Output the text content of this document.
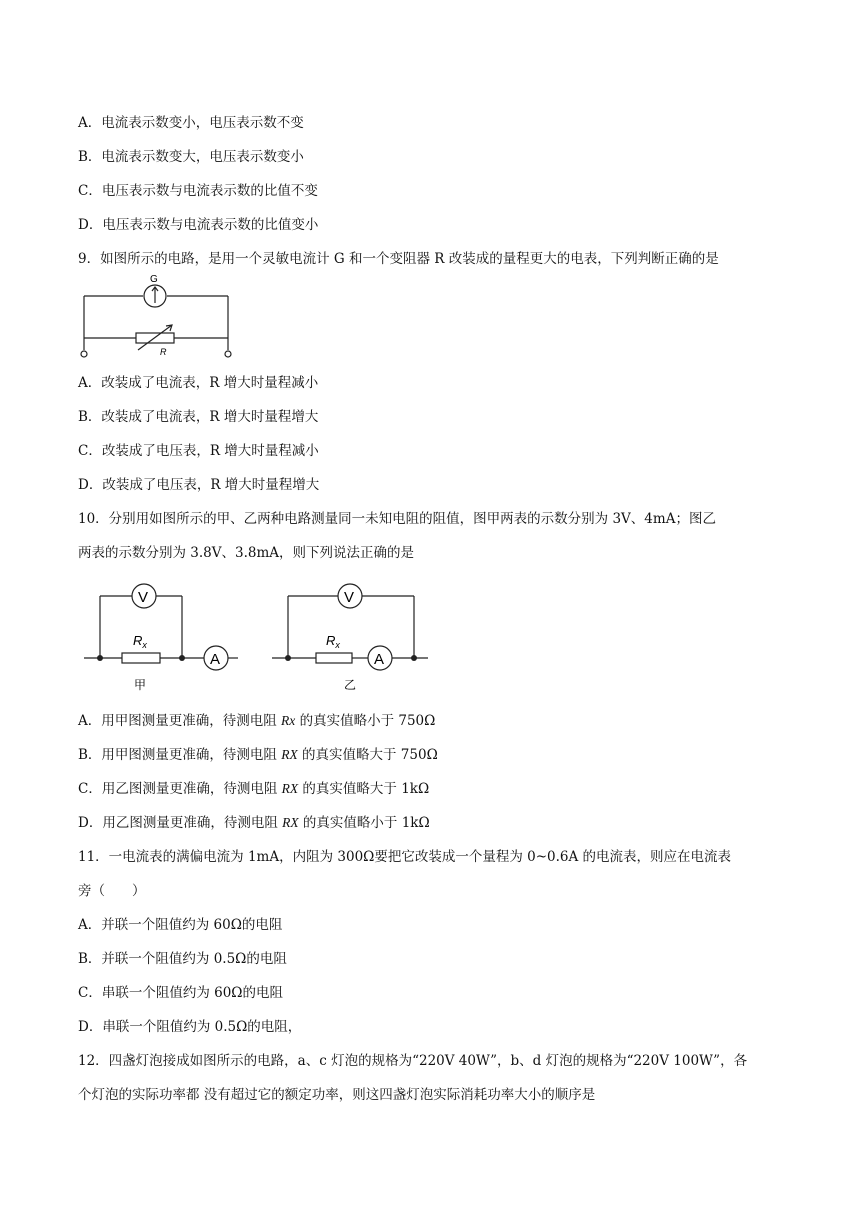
A．电流表示数变小，电压表示数不变
B．电流表示数变大，电压表示数变小
C．电压表示数与电流表示数的比值不变
D．电压表示数与电流表示数的比值变小
9．如图所示的电路，是用一个灵敏电流计 G 和一个变阻器 R 改装成的量程更大的电表，下列判断正确的是
G
R
A．改装成了电流表，R 增大时量程减小
B．改装成了电流表，R 增大时量程增大
C．改装成了电压表，R 增大时量程减小
D．改装成了电压表，R 增大时量程增大
10．分别用如图所示的甲、乙两种电路测量同一未知电阻的阻值，图甲两表的示数分别为 3V、4mA；图乙
两表的示数分别为 3.8V、3.8mA，则下列说法正确的是
V
A
$R_x$
甲
V
A
$R_x$
乙
A．用甲图测量更准确，待测电阻 Rx 的真实值略小于 750Ω
B．用甲图测量更准确，待测电阻 RX 的真实值略大于 750Ω
C．用乙图测量更准确，待测电阻 RX 的真实值略大于 1kΩ
D．用乙图测量更准确，待测电阻 RX 的真实值略小于 1kΩ
11．一电流表的满偏电流为 1mA，内阻为 300Ω要把它改装成一个量程为 0~0.6A 的电流表，则应在电流表
旁（　　）
A．并联一个阻值约为 60Ω的电阻
B．并联一个阻值约为 0.5Ω的电阻
C．串联一个阻值约为 60Ω的电阻
D．串联一个阻值约为 0.5Ω的电阻，
12．四盏灯泡接成如图所示的电路，a、c 灯泡的规格为“220V 40W”，b、d 灯泡的规格为“220V 100W”，各
个灯泡的实际功率都 没有超过它的额定功率，则这四盏灯泡实际消耗功率大小的顺序是
